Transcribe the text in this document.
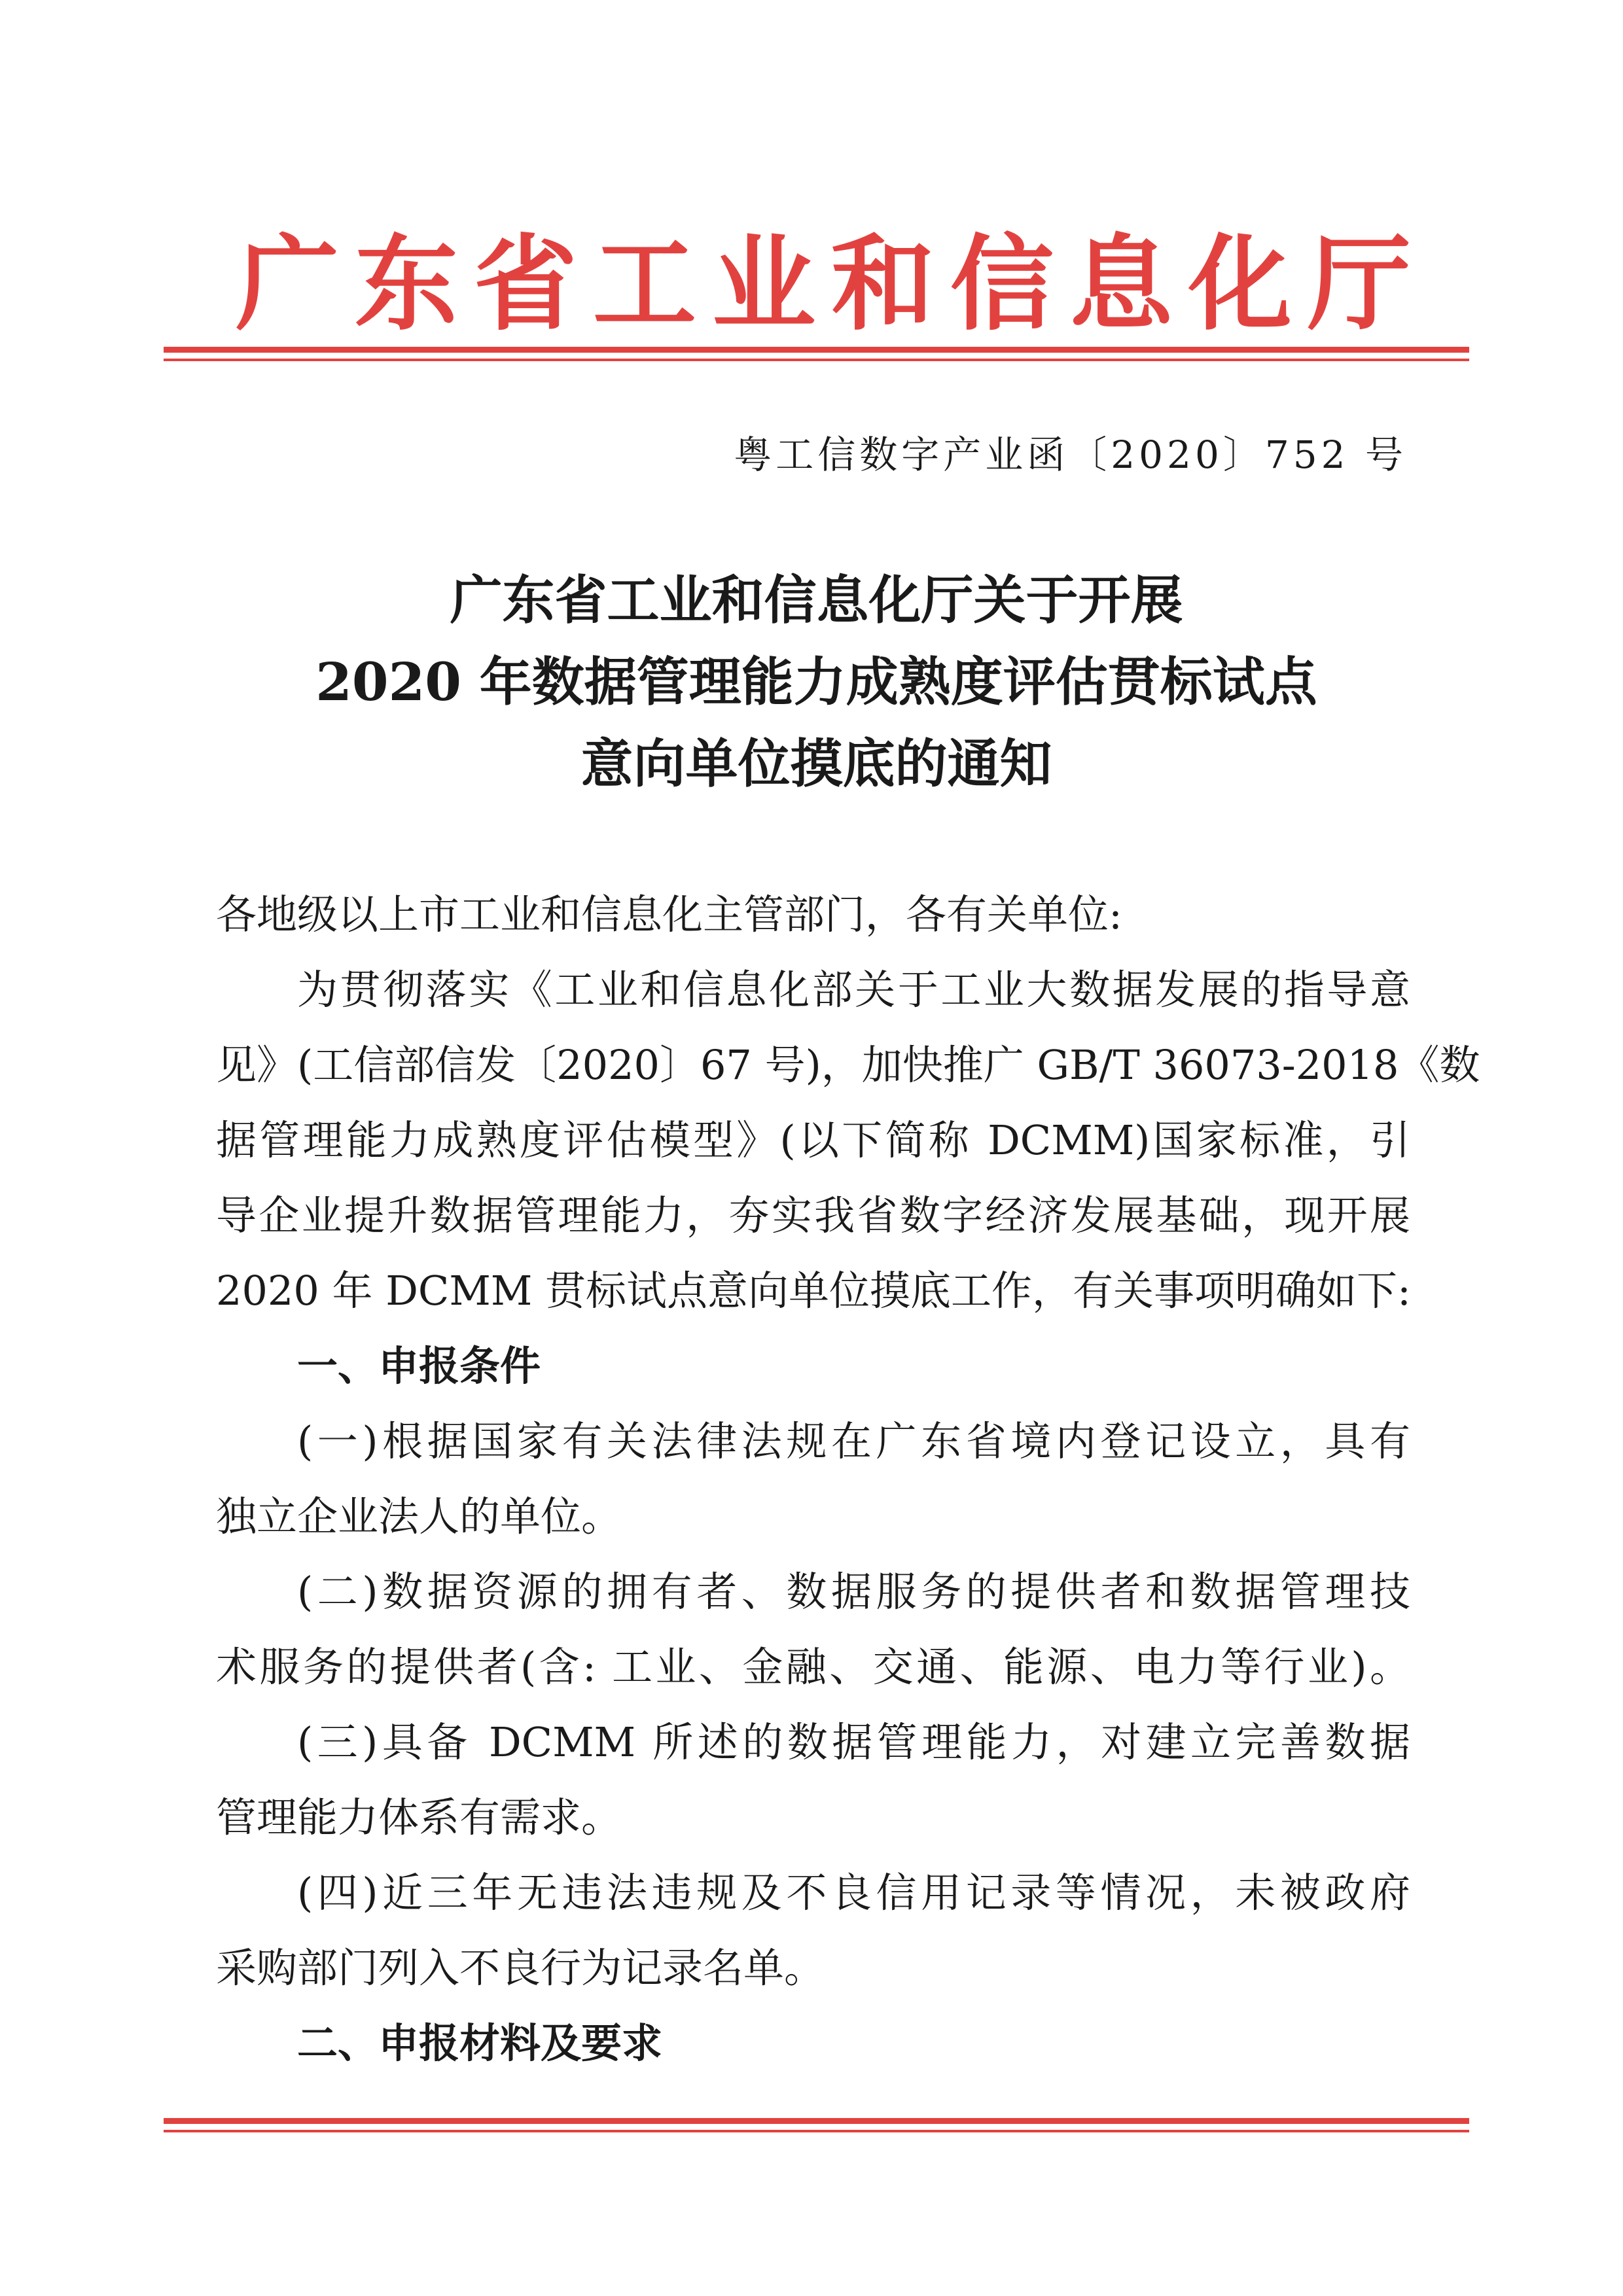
广东省工业和信息化厅

粤工信数字产业函〔2020〕752 号

广东省工业和信息化厅关于开展
2020 年数据管理能力成熟度评估贯标试点
意向单位摸底的通知

各地级以上市工业和信息化主管部门，各有关单位:

为贯彻落实《工业和信息化部关于工业大数据发展的指导意

见》(工信部信发〔2020〕67 号)，加快推广 GB/T 36073-2018《数

据管理能力成熟度评估模型》(以下简称 DCMM)国家标准，引

导企业提升数据管理能力，夯实我省数字经济发展基础，现开展

2020 年 DCMM 贯标试点意向单位摸底工作，有关事项明确如下:

一、申报条件

(一)根据国家有关法律法规在广东省境内登记设立，具有

独立企业法人的单位。

(二)数据资源的拥有者、数据服务的提供者和数据管理技

术服务的提供者(含: 工业、金融、交通、能源、电力等行业)。

(三)具备 DCMM 所述的数据管理能力，对建立完善数据

管理能力体系有需求。

(四)近三年无违法违规及不良信用记录等情况，未被政府

采购部门列入不良行为记录名单。

二、申报材料及要求
